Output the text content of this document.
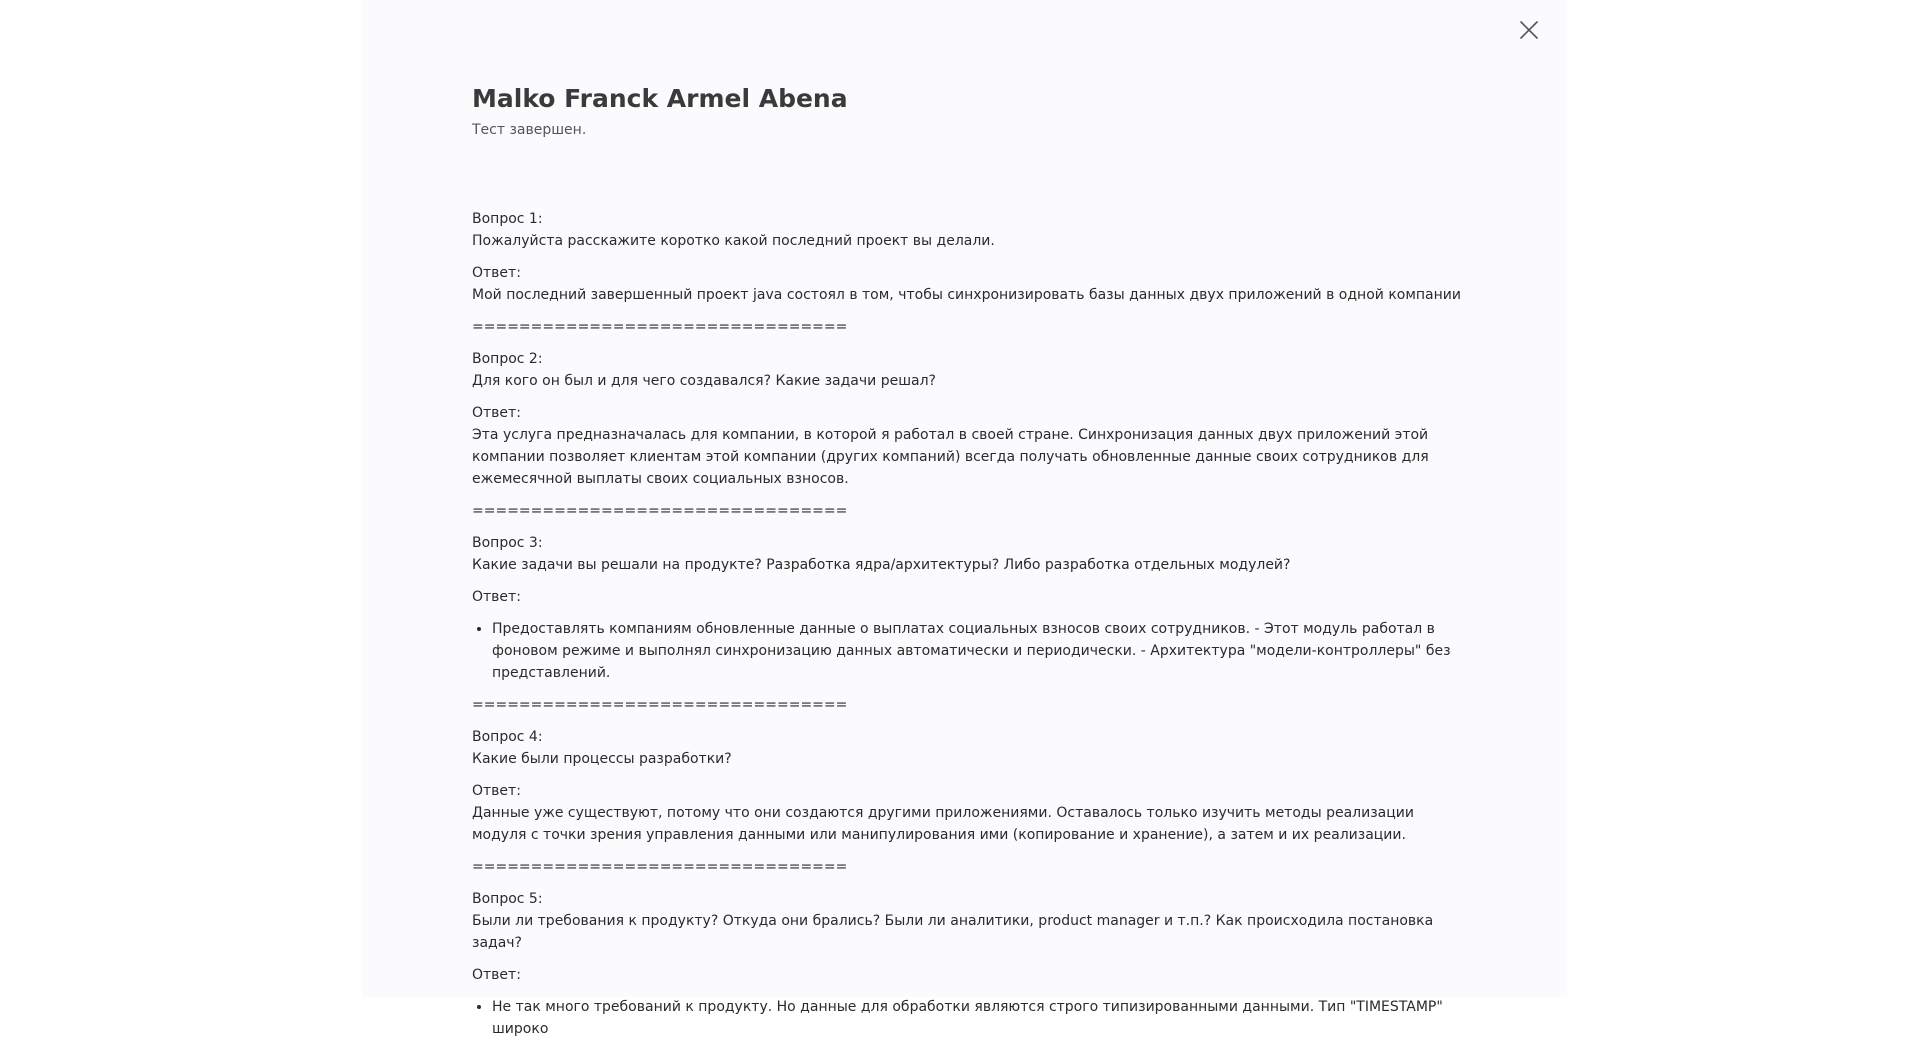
Malko Franck Armel Abena
Тест завершен.
Вопрос 1:

Пожалуйста расскажите коротко какой последний проект вы делали.

Ответ:

Мой последний завершенный проект java состоял в том, чтобы синхронизировать базы данных двух приложений в одной компании

================================
Вопрос 2:

Для кого он был и для чего создавался? Какие задачи решал?

Ответ:

Эта услуга предназначалась для компании, в которой я работал в своей стране. Синхронизация данных двух приложений этой компании позволяет клиентам этой компании (других компаний) всегда получать обновленные данные своих сотрудников для ежемесячной выплаты своих социальных взносов.

================================
Вопрос 3:

Какие задачи вы решали на продукте? Разработка ядра/архитектуры? Либо разработка отдельных модулей?

Ответ:
• Предоставлять компаниям обновленные данные о выплатах социальных взносов своих сотрудников. - Этот модуль работал в фоновом режиме и выполнял синхронизацию данных автоматически и периодически. - Архитектура "модели-контроллеры" без представлений.
================================
Вопрос 4:

Какие были процессы разработки?

Ответ:

Данные уже существуют, потому что они создаются другими приложениями. Оставалось только изучить методы реализации модуля с точки зрения управления данными или манипулирования ими (копирование и хранение), а затем и их реализации.

================================
Вопрос 5:

Были ли требования к продукту? Откуда они брались? Были ли аналитики, product manager и т.п.? Как происходила постановка задач?

Ответ:
• Не так много требований к продукту. Но данные для обработки являются строго типизированными данными. Тип "TIMESTAMP" широко
